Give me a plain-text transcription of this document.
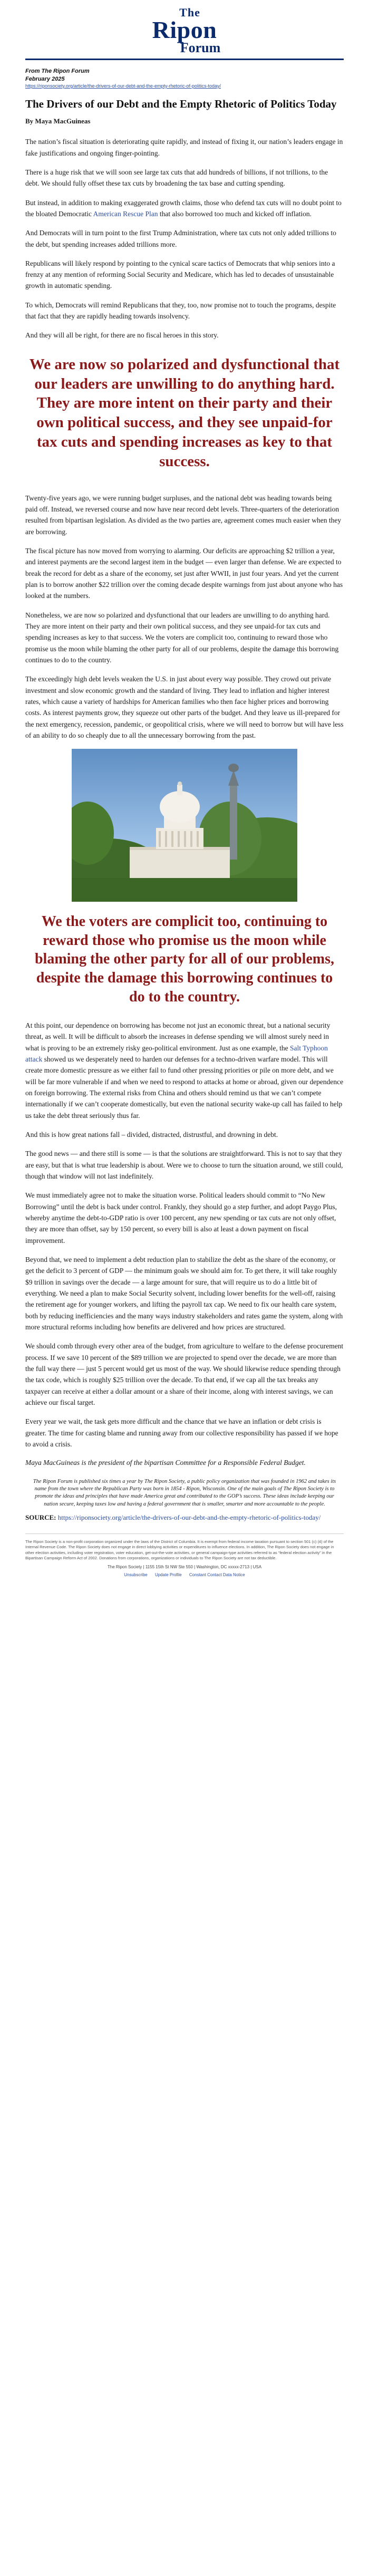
The
Ripon
Forum

From The Ripon Forum

February 2025

https://riponsociety.org/article/the-drivers-of-our-debt-and-the-empty-rhetoric-of-politics-today/

The Drivers of our Debt and the Empty Rhetoric of Politics Today

By Maya MacGuineas

The nation’s fiscal situation is deteriorating quite rapidly, and instead of fixing it, our nation’s leaders engage in fake justifications and ongoing finger-pointing.

There is a huge risk that we will soon see large tax cuts that add hundreds of billions, if not trillions, to the debt. We should fully offset these tax cuts by broadening the tax base and cutting spending.

But instead, in addition to making exaggerated growth claims, those who defend tax cuts will no doubt point to the bloated Democratic American Rescue Plan that also borrowed too much and kicked off inflation.

And Democrats will in turn point to the first Trump Administration, where tax cuts not only added trillions to the debt, but spending increases added trillions more.

Republicans will likely respond by pointing to the cynical scare tactics of Democrats that whip seniors into a frenzy at any mention of reforming Social Security and Medicare, which has led to decades of unsustainable growth in automatic spending.

To which, Democrats will remind Republicans that they, too, now promise not to touch the programs, despite that fact that they are rapidly heading towards insolvency.

And they will all be right, for there are no fiscal heroes in this story.

We are now so polarized and dysfunctional that our leaders are unwilling to do anything hard. They are more intent on their party and their own political success, and they see unpaid-for tax cuts and spending increases as key to that success.

Twenty-five years ago, we were running budget surpluses, and the national debt was heading towards being paid off. Instead, we reversed course and now have near record debt levels. Three-quarters of the deterioration resulted from bipartisan legislation. As divided as the two parties are, agreement comes much easier when they are borrowing.

The fiscal picture has now moved from worrying to alarming. Our deficits are approaching $2 trillion a year, and interest payments are the second largest item in the budget — even larger than defense. We are expected to break the record for debt as a share of the economy, set just after WWII, in just four years. And yet the current plan is to borrow another $22 trillion over the coming decade despite warnings from just about anyone who has looked at the numbers.

Nonetheless, we are now so polarized and dysfunctional that our leaders are unwilling to do anything hard. They are more intent on their party and their own political success, and they see unpaid-for tax cuts and spending increases as key to that success. We the voters are complicit too, continuing to reward those who promise us the moon while blaming the other party for all of our problems, despite the damage this borrowing continues to do to the country.

The exceedingly high debt levels weaken the U.S. in just about every way possible. They crowd out private investment and slow economic growth and the standard of living. They lead to inflation and higher interest rates, which cause a variety of hardships for American families who then face higher prices and borrowing costs. As interest payments grow, they squeeze out other parts of the budget. And they leave us ill-prepared for the next emergency, recession, pandemic, or geopolitical crisis, where we will need to borrow but will have less of an ability to do so cheaply due to all the unnecessary borrowing from the past.

We the voters are complicit too, continuing to reward those who promise us the moon while blaming the other party for all of our problems, despite the damage this borrowing continues to do to the country.

At this point, our dependence on borrowing has become not just an economic threat, but a national security threat, as well. It will be difficult to absorb the increases in defense spending we will almost surely need in what is proving to be an extremely risky geo-political environment. Just as one example, the Salt Typhoon attack showed us we desperately need to harden our defenses for a techno-driven warfare model. This will create more domestic pressure as we either fail to fund other pressing priorities or pile on more debt, and we will be far more vulnerable if and when we need to respond to attacks at home or abroad, given our dependence on foreign borrowing. The external risks from China and others should remind us that we can’t compete internationally if we can’t cooperate domestically, but even the national security wake-up call has failed to help us take the debt threat seriously thus far.

And this is how great nations fall – divided, distracted, distrustful, and drowning in debt.

The good news — and there still is some — is that the solutions are straightforward. This is not to say that they are easy, but that is what true leadership is about. Were we to choose to turn the situation around, we still could, though that window will not last indefinitely.

We must immediately agree not to make the situation worse. Political leaders should commit to “No New Borrowing” until the debt is back under control. Frankly, they should go a step further, and adopt Paygo Plus, whereby anytime the debt-to-GDP ratio is over 100 percent, any new spending or tax cuts are not only offset, they are more than offset, say by 150 percent, so every bill is also at least a down payment on fiscal improvement.

Beyond that, we need to implement a debt reduction plan to stabilize the debt as the share of the economy, or get the deficit to 3 percent of GDP — the minimum goals we should aim for. To get there, it will take roughly $9 trillion in savings over the decade — a large amount for sure, that will require us to do a little bit of everything. We need a plan to make Social Security solvent, including lower benefits for the well-off, raising the retirement age for younger workers, and lifting the payroll tax cap. We need to fix our health care system, both by reducing inefficiencies and the many ways industry stakeholders and rates game the system, along with more structural reforms including how benefits are delivered and how prices are structured.

We should comb through every other area of the budget, from agriculture to welfare to the defense procurement process. If we save 10 percent of the $89 trillion we are projected to spend over the decade, we are more than the full way there — just 5 percent would get us most of the way. We should likewise reduce spending through the tax code, which is roughly $25 trillion over the decade. To that end, if we cap all the tax breaks any taxpayer can receive at either a dollar amount or a share of their income, along with interest savings, we can achieve our fiscal target.

Every year we wait, the task gets more difficult and the chance that we have an inflation or debt crisis is greater. The time for casting blame and running away from our collective responsibility has passed if we hope to avoid a crisis.

Maya MacGuineas is the president of the bipartisan Committee for a Responsible Federal Budget.

The Ripon Forum is published six times a year by The Ripon Society, a public policy organization that was founded in 1962 and takes its name from the town where the Republican Party was born in 1854 - Ripon, Wisconsin. One of the main goals of The Ripon Society is to promote the ideas and principles that have made America great and contributed to the GOP’s success. These ideas include keeping our nation secure, keeping taxes low and having a federal government that is smaller, smarter and more accountable to the people.

SOURCE: https://riponsociety.org/article/the-drivers-of-our-debt-and-the-empty-rhetoric-of-politics-today/

The Ripon Society is a non-profit corporation organized under the laws of the District of Columbia. It is exempt from federal income taxation pursuant to section 501 (c) (4) of the Internal Revenue Code. The Ripon Society does not engage in direct lobbying activities or expenditures to influence elections. In addition, The Ripon Society does not engage in other election activities, including voter registration, voter education, get-out-the-vote activities, or general campaign-type activities referred to as “federal election activity” in the Bipartisan Campaign Reform Act of 2002. Donations from corporations, organizations or individuals to The Ripon Society are not tax deductible.
The Ripon Society | 1155 15th St NW Ste 550 | Washington, DC xxxxx-2713 | USA
Unsubscribe Update Profile Constant Contact Data Notice
